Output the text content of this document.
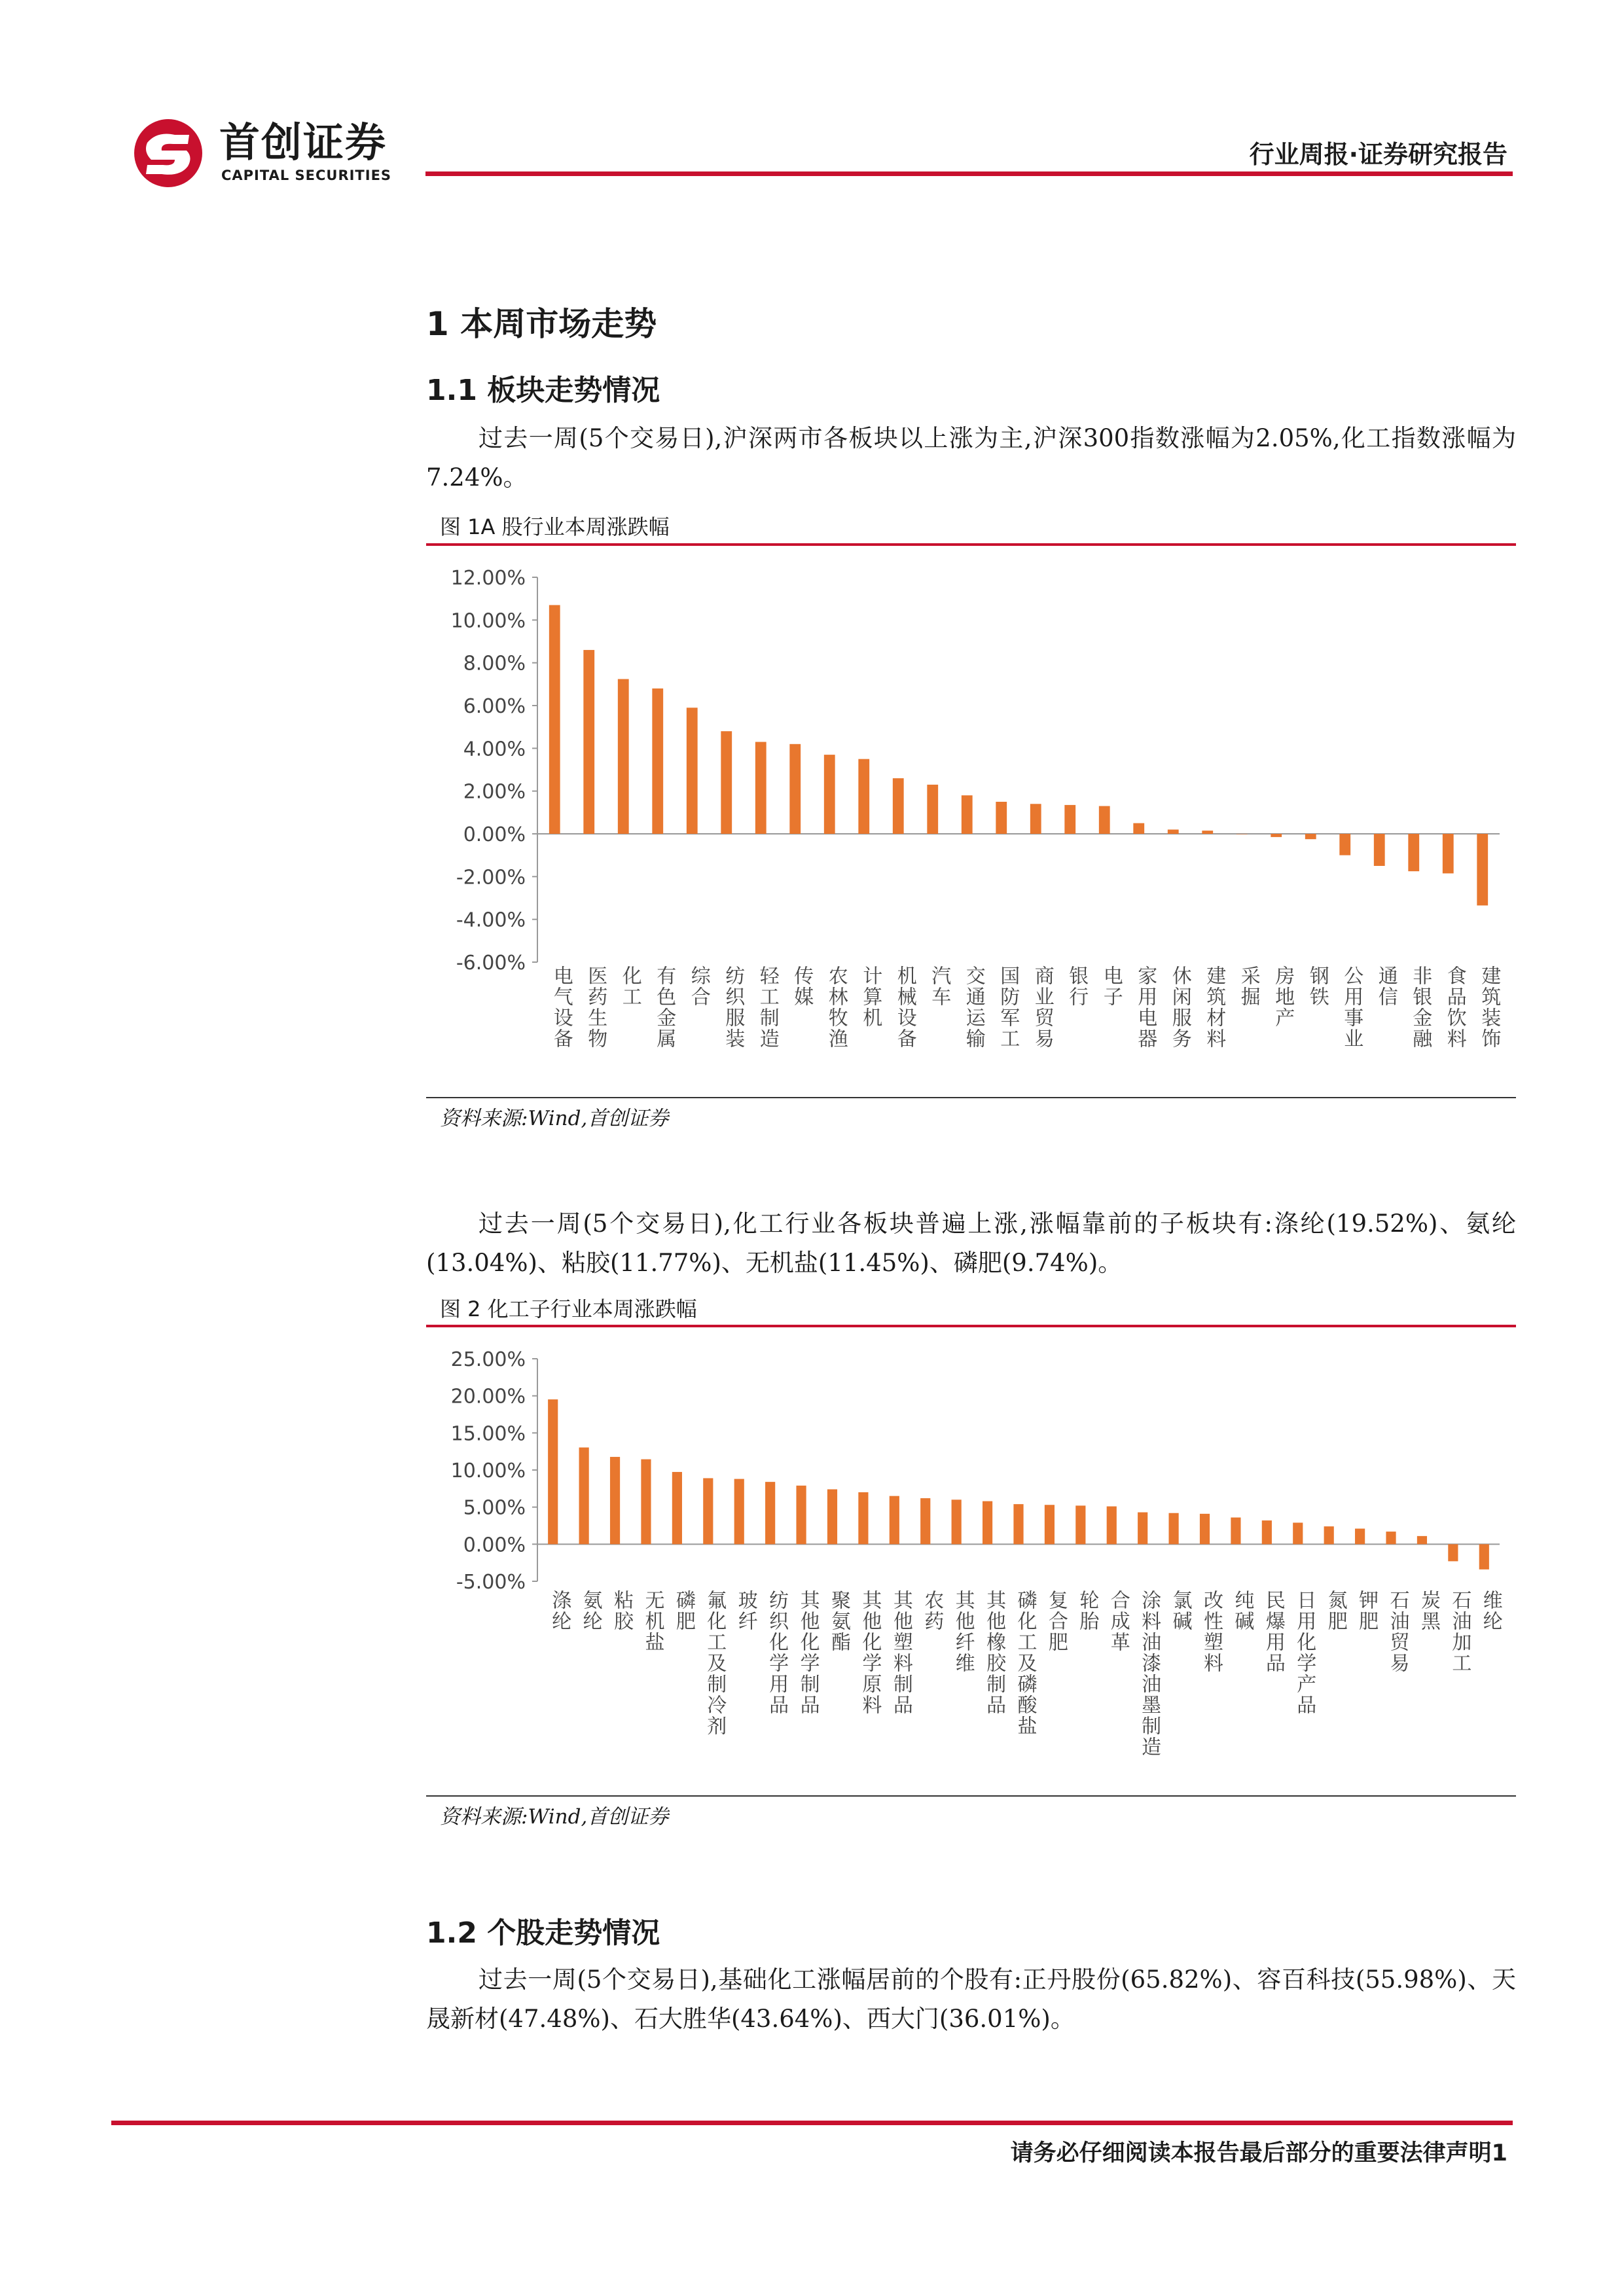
首创证券
CAPITAL SECURITIES
行业周报·证券研究报告
1 本周市场走势
1.1 板块走势情况
过去一周(5个交易日),沪深两市各板块以上涨为主,沪深300指数涨幅为2.05%,化工指数涨幅为7.24%。
图 1A 股行业本周涨跌幅
-6.00%
-4.00%
-2.00%
0.00%
2.00%
4.00%
6.00%
8.00%
10.00%
12.00%
电气设备 医药生物 化工 有色金属 综合 纺织服装 轻工制造 传媒 农林牧渔 计算机 机械设备 汽车 交通运输 国防军工 商业贸易 银行 电子 家用电器 休闲服务 建筑材料 采掘 房地产 钢铁 公用事业 通信 非银金融 食品饮料 建筑装饰
资料来源:Wind,首创证券
过去一周(5个交易日),化工行业各板块普遍上涨,涨幅靠前的子板块有:涤纶(19.52%)、氨纶(13.04%)、粘胶(11.77%)、无机盐(11.45%)、磷肥(9.74%)。
图 2 化工子行业本周涨跌幅
-5.00%
0.00%
5.00%
10.00%
15.00%
20.00%
25.00%
涤纶 氨纶 粘胶 无机盐 磷肥 氟化工及制冷剂 玻纤 纺织化学用品 其他化学制品 聚氨酯 其他化学原料 其他塑料制品 农药 其他纤维 其他橡胶制品 磷化工及磷酸盐 复合肥 轮胎 合成革 涂料油漆油墨制造 氯碱 改性塑料 纯碱 民爆用品 日用化学产品 氮肥 钾肥 石油贸易 炭黑 石油加工 维纶
资料来源:Wind,首创证券
1.2 个股走势情况
过去一周(5个交易日),基础化工涨幅居前的个股有:正丹股份(65.82%)、容百科技(55.98%)、天晟新材(47.48%)、石大胜华(43.64%)、西大门(36.01%)。
请务必仔细阅读本报告最后部分的重要法律声明1
